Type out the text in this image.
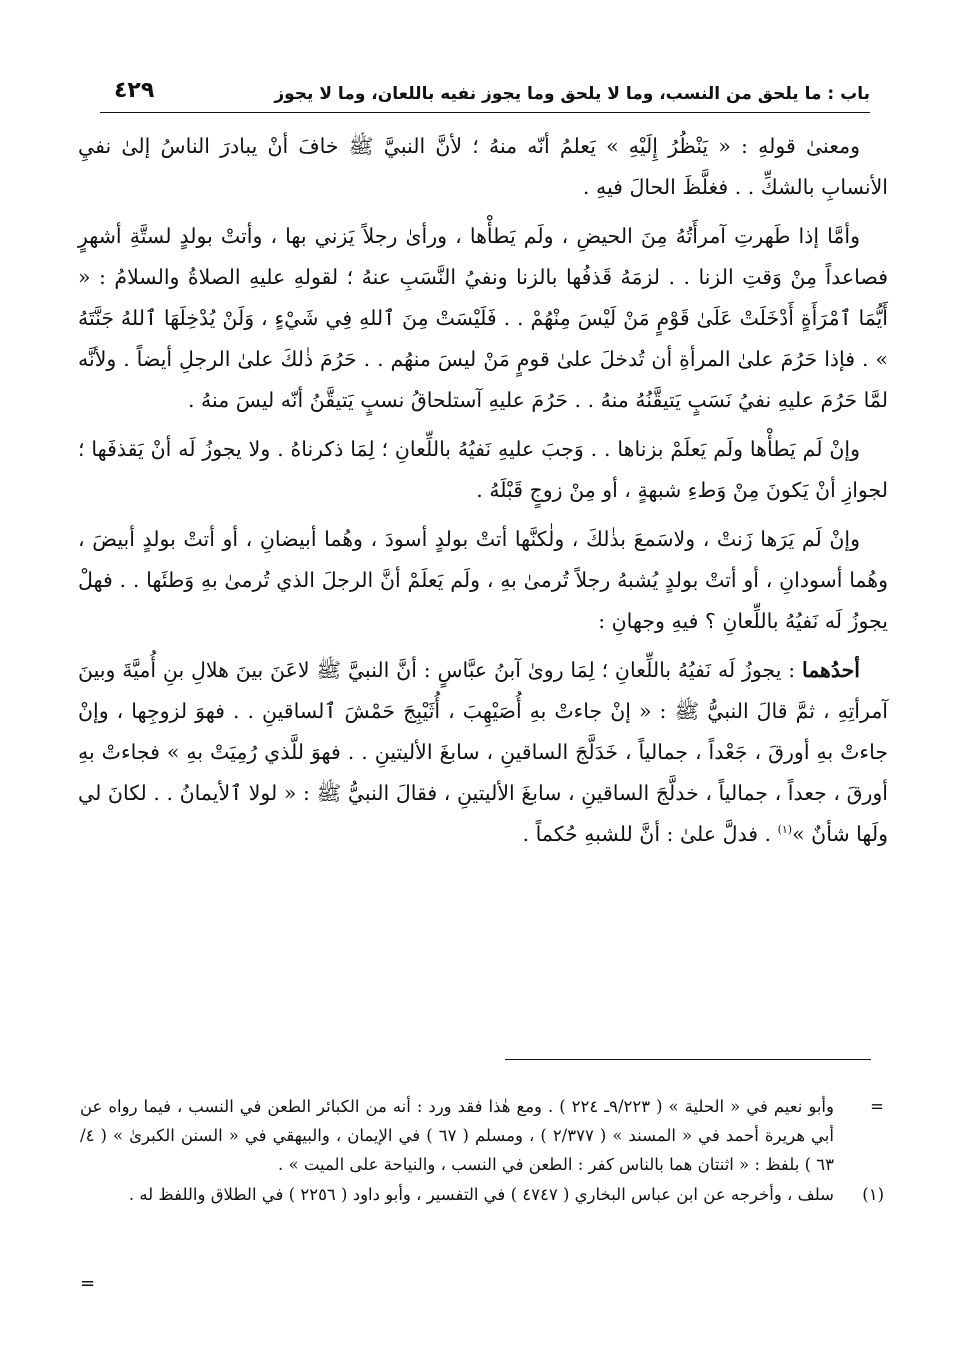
باب : ما يلحق من النسب، وما لا يلحق وما يجوز نفيه باللعان، وما لا يجوز
٤٢٩

ومعنىٰ قولهِ : « يَنْظُرُ إِلَيْهِ » يَعلمُ أنّه منهُ ؛ لأنَّ النبيَّ ﷺ خافَ أنْ يبادرَ الناسُ إلىٰ نفيِ الأنسابِ بالشكِّ . . فغلَّظَ الحالَ فيهِ .

وأمَّا إذا طَهرتِ آمرأَتُهُ مِنَ الحيضِ ، ولَم يَطأْها ، ورأىٰ رجلاً يَزني بها ، وأتتْ بولدٍ لستَّةِ أشهرٍ فصاعداً مِنْ وَقتِ الزنا . . لزمَهُ قَذفُها بالزنا ونفيُ النَّسَبِ عنهُ ؛ لقولهِ عليهِ الصلاةُ والسلامُ : « أَيُّمَا ٱمْرَأَةٍ أَدْخَلَتْ عَلَىٰ قَوْمٍ مَنْ لَيْسَ مِنْهُمْ . . فَلَيْسَتْ مِنَ ٱللهِ فِي شَيْءٍ ، وَلَنْ يُدْخِلَهَا ٱللهُ جَنَّتَهُ » . فإذا حَرُمَ علىٰ المرأةِ أن تُدخلَ علىٰ قومٍ مَنْ ليسَ منهُم . . حَرُمَ ذٰلكَ علىٰ الرجلِ أيضاً . ولأنَّه لمَّا حَرُمَ عليهِ نفيُ نَسَبٍ يَتيقَّنُهُ منهُ . . حَرُمَ عليهِ آستلحاقُ نسبٍ يَتيقَّنُ أنّه ليسَ منهُ .

وإنْ لَم يَطأْها ولَم يَعلَمْ بزناها . . وَجبَ عليهِ نَفيُهُ باللِّعانِ ؛ لِمَا ذكرناهُ . ولا يجوزُ لَه أنْ يَقذفَها ؛ لجوازِ أنْ يَكونَ مِنْ وَطءِ شبهةٍ ، أو مِنْ زوجٍ قَبْلَهُ .

وإنْ لَم يَرَها زَنتْ ، ولاسَمعَ بذٰلكَ ، ولٰكنَّها أتتْ بولدٍ أسودَ ، وهُما أبيضانِ ، أو أتتْ بولدٍ أبيضَ ، وهُما أسودانِ ، أو أتتْ بولدٍ يُشبهُ رجلاً تُرمىٰ بهِ ، ولَم يَعلَمْ أنَّ الرجلَ الذي تُرمىٰ بهِ وَطئَها . . فهلْ يجوزُ لَه نَفيُهُ باللِّعانِ ؟ فيهِ وجهانِ :

أحدُهما : يجوزُ لَه نَفيُهُ باللِّعانِ ؛ لِمَا روىٰ آبنُ عبَّاسٍ : أنَّ النبيَّ ﷺ لاعَنَ بينَ هلالِ بنِ أُميَّةَ وبينَ آمرأتِهِ ، ثمَّ قالَ النبيُّ ﷺ : « إنْ جاءتْ بهِ أُصَيْهِبَ ، أُثَيْبِجَ حَمْشَ ٱلساقينِ . . فهوَ لزوجِها ، وإنْ جاءتْ بهِ أورقَ ، جَعْداً ، جمالياً ، خَدَلَّجَ الساقينِ ، سابغَ الأليتينِ . . فهوَ للَّذي رُمِيَتْ بهِ » فجاءتْ بهِ أورقَ ، جعداً ، جمالياً ، خدلَّجَ الساقينِ ، سابغَ الأليتينِ ، فقالَ النبيُّ ﷺ : « لولا ٱلأيمانُ . . لكانَ لي ولَها شأنٌ »$^{(١)}$ . فدلَّ علىٰ : أنَّ للشبهِ حُكماً .

=
وأبو نعيم في « الحلية » ( ٩/٢٢٣ـ ٢٢٤ ) . ومع هٰذا فقد ورد : أنه من الكبائر الطعن في النسب ، فيما رواه عن أبي هريرة أحمد في « المسند » ( ٢/٣٧٧ ) ، ومسلم ( ٦٧ ) في الإيمان ، والبيهقي في « السنن الكبرىٰ » ( ٤/ ٦٣ ) بلفظ : « اثنتان هما بالناس كفر : الطعن في النسب ، والنياحة على الميت » .
(١)
سلف ، وأخرجه عن ابن عباس البخاري ( ٤٧٤٧ ) في التفسير ، وأبو داود ( ٢٢٥٦ ) في الطلاق واللفظ له .
=
